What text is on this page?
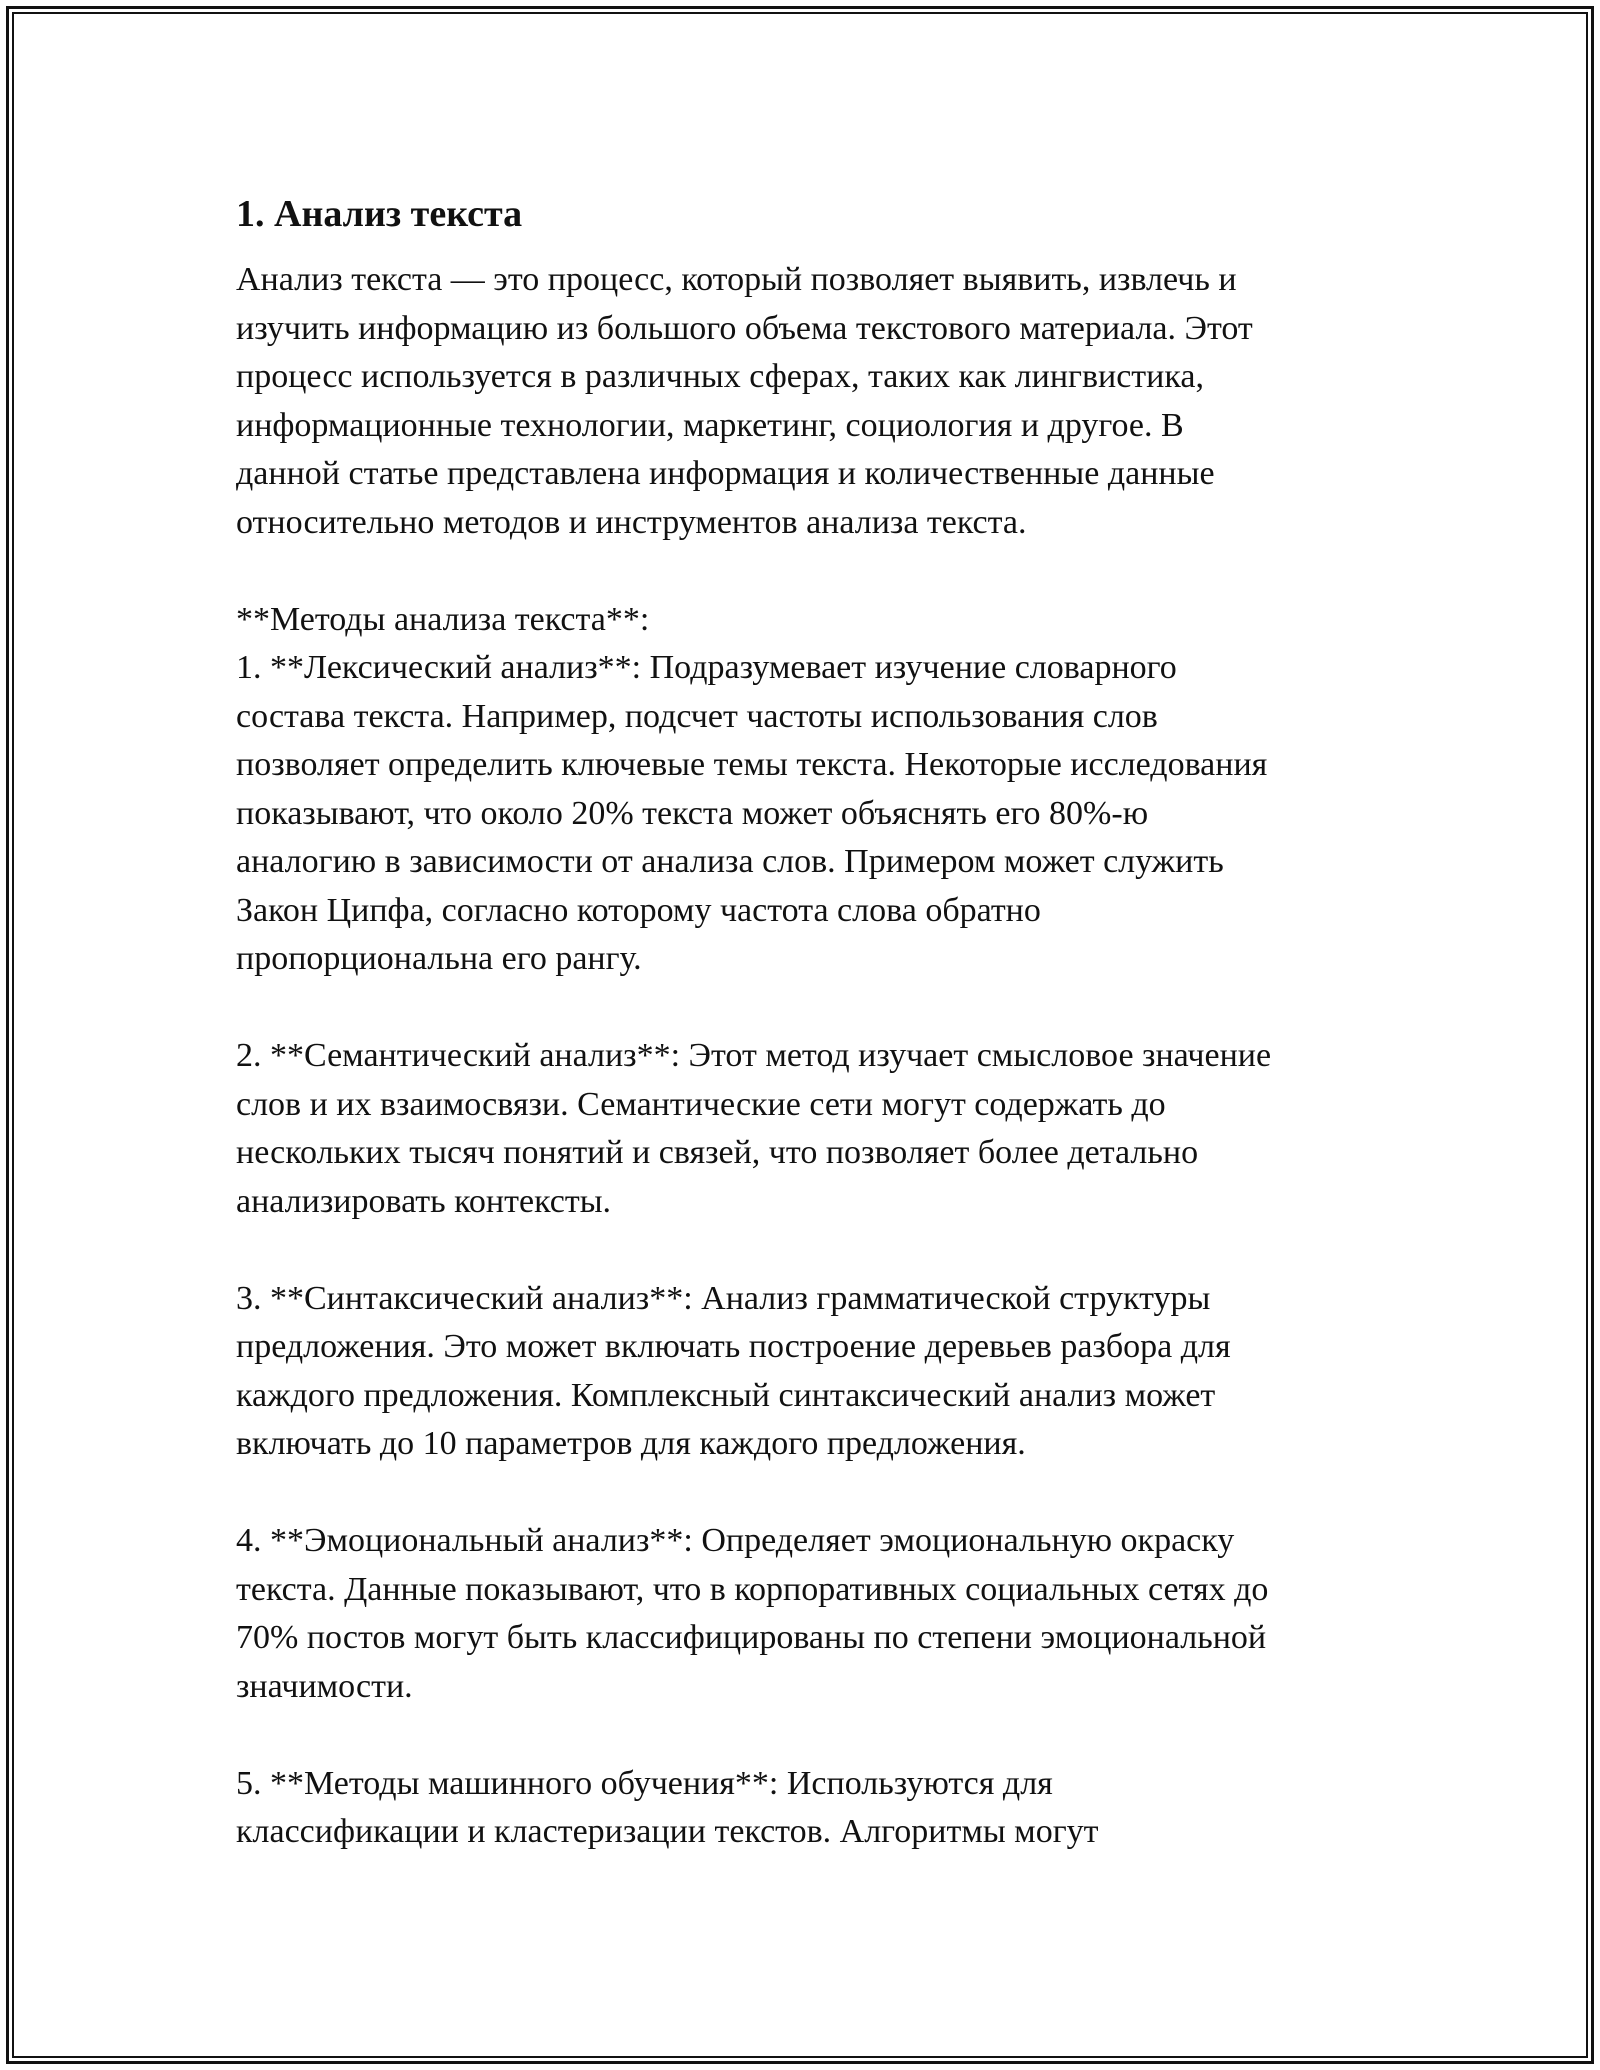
1. Анализ текста

Анализ текста — это процесс, который позволяет выявить, извлечь и
изучить информацию из большого объема текстового материала. Этот
процесс используется в различных сферах, таких как лингвистика,
информационные технологии, маркетинг, социология и другое. В
данной статье представлена информация и количественные данные
относительно методов и инструментов анализа текста.

**Методы анализа текста**:

1. **Лексический анализ**: Подразумевает изучение словарного
состава текста. Например, подсчет частоты использования слов
позволяет определить ключевые темы текста. Некоторые исследования
показывают, что около 20% текста может объяснять его 80%-ю
аналогию в зависимости от анализа слов. Примером может служить
Закон Ципфа, согласно которому частота слова обратно
пропорциональна его рангу.

2. **Семантический анализ**: Этот метод изучает смысловое значение
слов и их взаимосвязи. Семантические сети могут содержать до
нескольких тысяч понятий и связей, что позволяет более детально
анализировать контексты.

3. **Синтаксический анализ**: Анализ грамматической структуры
предложения. Это может включать построение деревьев разбора для
каждого предложения. Комплексный синтаксический анализ может
включать до 10 параметров для каждого предложения.

4. **Эмоциональный анализ**: Определяет эмоциональную окраску
текста. Данные показывают, что в корпоративных социальных сетях до
70% постов могут быть классифицированы по степени эмоциональной
значимости.

5. **Методы машинного обучения**: Используются для
классификации и кластеризации текстов. Алгоритмы могут
